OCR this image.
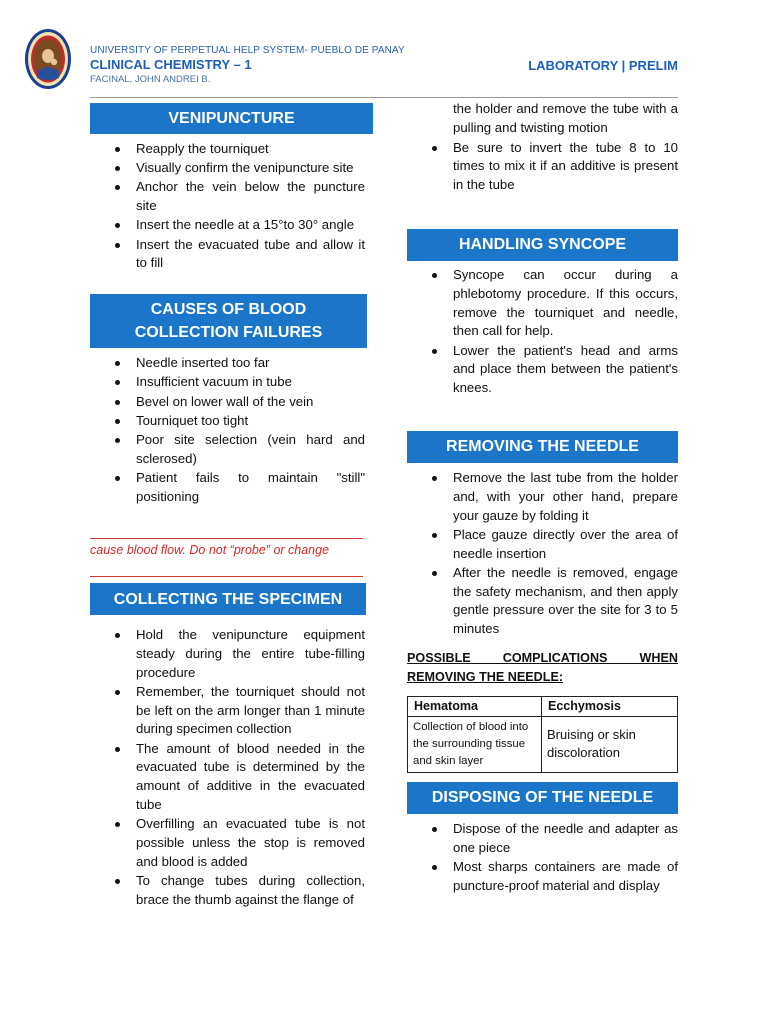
UNIVERSITY OF PERPETUAL HELP SYSTEM- PUEBLO DE PANAY
CLINICAL CHEMISTRY – 1
FACINAL, JOHN ANDREI B.
LABORATORY | PRELIM
VENIPUNCTURE
Reapply the tourniquet
Visually confirm the venipuncture site
Anchor the vein below the puncture site
Insert the needle at a 15°to 30° angle
Insert the evacuated tube and allow it to fill
CAUSES OF BLOOD
COLLECTION FAILURES
Needle inserted too far
Insufficient vacuum in tube
Bevel on lower wall of the vein
Tourniquet too tight
Poor site selection (vein hard and sclerosed)
Patient fails to maintain "still" positioning
cause blood flow. Do not “probe” or change
COLLECTING THE SPECIMEN
Hold the venipuncture equipment steady during the entire tube-filling procedure
Remember, the tourniquet should not be left on the arm longer than 1 minute during specimen collection
The amount of blood needed in the evacuated tube is determined by the amount of additive in the evacuated tube
Overfilling an evacuated tube is not possible unless the stop is removed and blood is added
To change tubes during collection, brace the thumb against the flange of
the holder and remove the tube with a pulling and twisting motion
Be sure to invert the tube 8 to 10 times to mix it if an additive is present in the tube
HANDLING SYNCOPE
Syncope can occur during a phlebotomy procedure. If this occurs, remove the tourniquet and needle, then call for help.
Lower the patient's head and arms and place them between the patient's knees.
REMOVING THE NEEDLE
Remove the last tube from the holder and, with your other hand, prepare your gauze by folding it
Place gauze directly over the area of needle insertion
After the needle is removed, engage the safety mechanism, and then apply gentle pressure over the site for 3 to 5 minutes
POSSIBLE COMPLICATIONS WHEN
REMOVING THE NEEDLE:
Hematoma	Ecchymosis
Collection of blood into the surrounding tissue and skin layer	Bruising or skin discoloration
DISPOSING OF THE NEEDLE
Dispose of the needle and adapter as one piece
Most sharps containers are made of puncture-proof material and display
